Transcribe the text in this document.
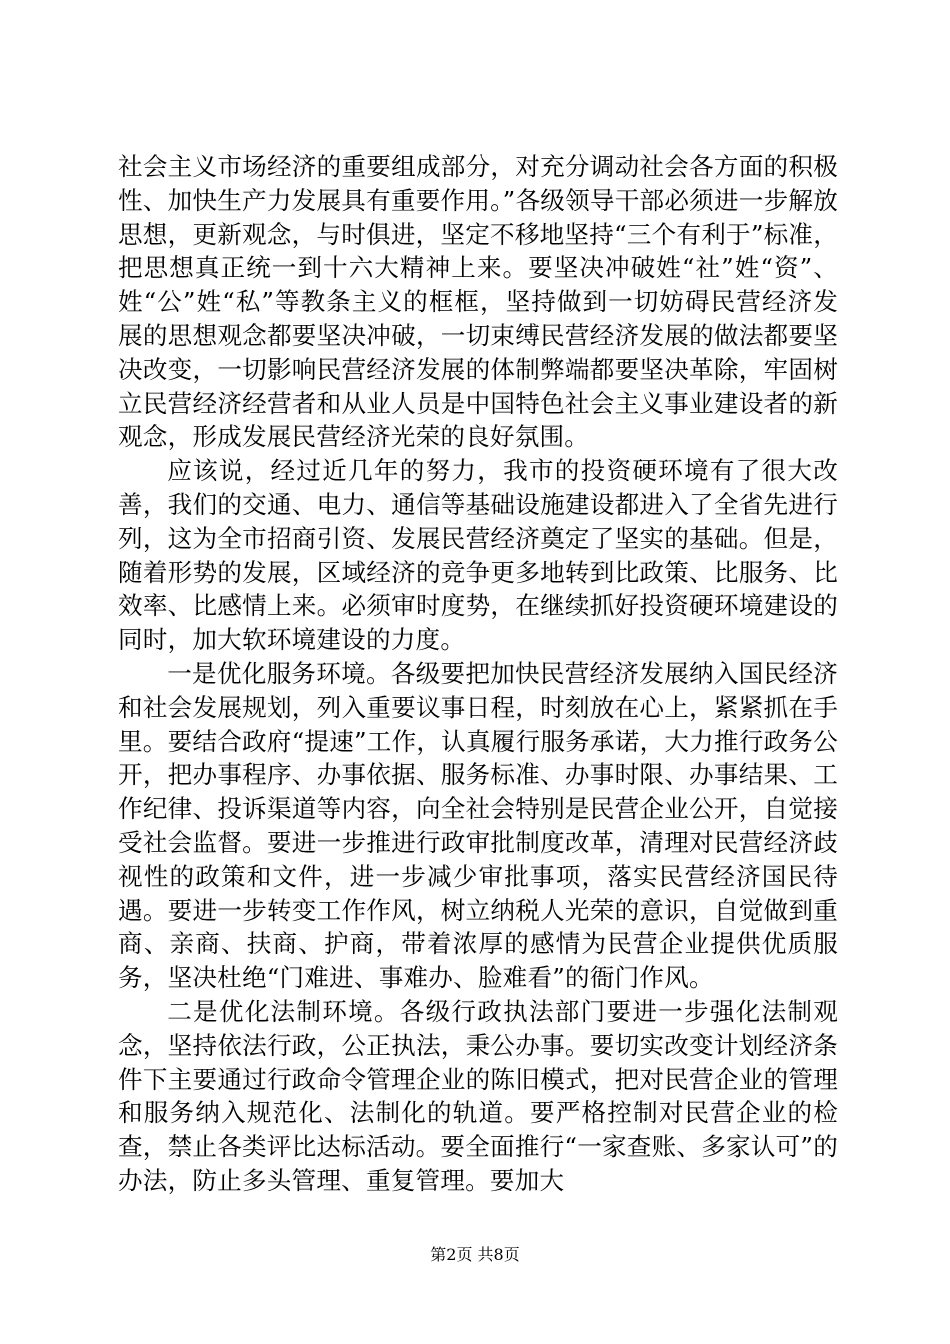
社会主义市场经济的重要组成部分，对充分调动社会各方面的积极性、加快生产力发展具有重要作用。”各级领导干部必须进一步解放思想，更新观念，与时俱进，坚定不移地坚持“三个有利于”标准，把思想真正统一到十六大精神上来。要坚决冲破姓“社”姓“资”、姓“公”姓“私”等教条主义的框框，坚持做到一切妨碍民营经济发展的思想观念都要坚决冲破，一切束缚民营经济发展的做法都要坚决改变，一切影响民营经济发展的体制弊端都要坚决革除，牢固树立民营经济经营者和从业人员是中国特色社会主义事业建设者的新观念，形成发展民营经济光荣的良好氛围。

应该说，经过近几年的努力，我市的投资硬环境有了很大改善，我们的交通、电力、通信等基础设施建设都进入了全省先进行列，这为全市招商引资、发展民营经济奠定了坚实的基础。但是，随着形势的发展，区域经济的竞争更多地转到比政策、比服务、比效率、比感情上来。必须审时度势，在继续抓好投资硬环境建设的同时，加大软环境建设的力度。

一是优化服务环境。各级要把加快民营经济发展纳入国民经济和社会发展规划，列入重要议事日程，时刻放在心上，紧紧抓在手里。要结合政府“提速”工作，认真履行服务承诺，大力推行政务公开，把办事程序、办事依据、服务标准、办事时限、办事结果、工作纪律、投诉渠道等内容，向全社会特别是民营企业公开，自觉接受社会监督。要进一步推进行政审批制度改革，清理对民营经济歧视性的政策和文件，进一步减少审批事项，落实民营经济国民待遇。要进一步转变工作作风，树立纳税人光荣的意识，自觉做到重商、亲商、扶商、护商，带着浓厚的感情为民营企业提供优质服务，坚决杜绝“门难进、事难办、脸难看”的衙门作风。

二是优化法制环境。各级行政执法部门要进一步强化法制观念，坚持依法行政，公正执法，秉公办事。要切实改变计划经济条件下主要通过行政命令管理企业的陈旧模式，把对民营企业的管理和服务纳入规范化、法制化的轨道。要严格控制对民营企业的检查，禁止各类评比达标活动。要全面推行“一家查账、多家认可”的办法，防止多头管理、重复管理。要加大

第2页 共8页
